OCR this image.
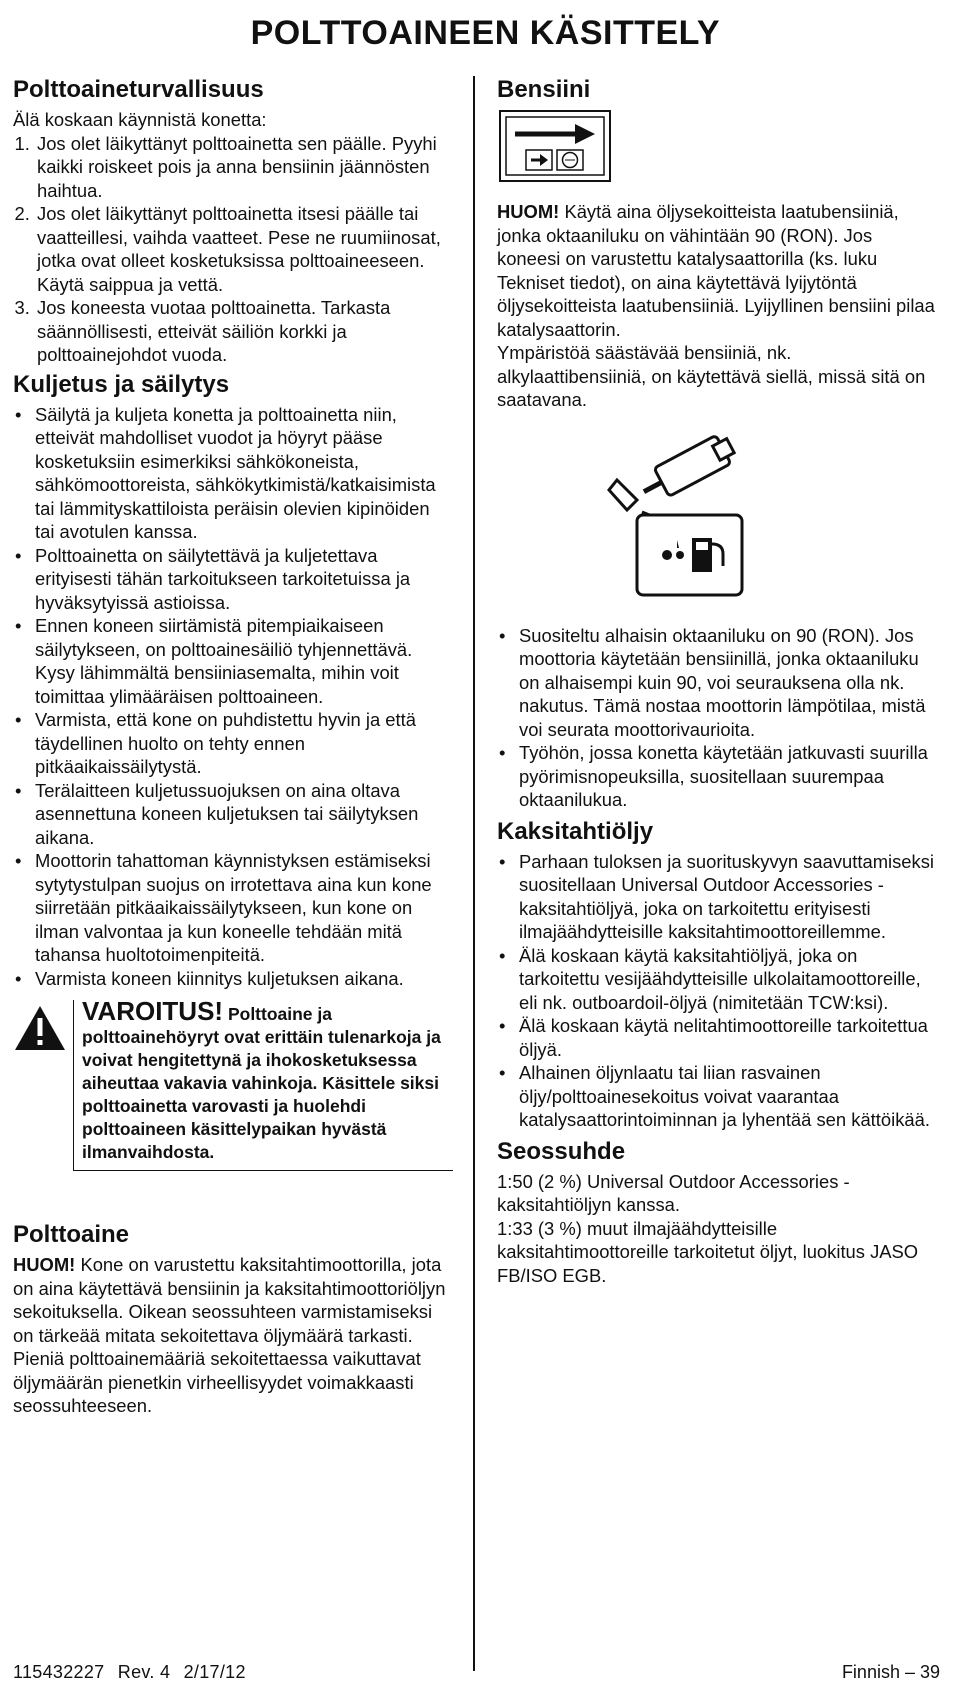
POLTTOAINEEN KÄSITTELY
Polttoaineturvallisuus

Älä koskaan käynnistä konetta:

1. Jos olet läikyttänyt polttoainetta sen päälle. Pyyhi kaikki roiskeet pois ja anna bensiinin jäännösten haihtua.
2. Jos olet läikyttänyt polttoainetta itsesi päälle tai vaatteillesi, vaihda vaatteet. Pese ne ruumiinosat, jotka ovat olleet kosketuksissa polttoaineeseen. Käytä saippua ja vettä.
3. Jos koneesta vuotaa polttoainetta. Tarkasta säännöllisesti, etteivät säiliön korkki ja polttoainejohdot vuoda.
Kuljetus ja säilytys
• Säilytä ja kuljeta konetta ja polttoainetta niin, etteivät mahdolliset vuodot ja höyryt pääse kosketuksiin esimerkiksi sähkökoneista, sähkömoottoreista, sähkökytkimistä/katkaisimista tai lämmityskattiloista peräisin olevien kipinöiden tai avotulen kanssa.
• Polttoainetta on säilytettävä ja kuljetettava erityisesti tähän tarkoitukseen tarkoitetuissa ja hyväksytyissä astioissa.
• Ennen koneen siirtämistä pitempiaikaiseen säilytykseen, on polttoainesäiliö tyhjennettävä. Kysy lähimmältä bensiiniasemalta, mihin voit toimittaa ylimääräisen polttoaineen.
• Varmista, että kone on puhdistettu hyvin ja että täydellinen huolto on tehty ennen pitkäaikaissäilytystä.
• Terälaitteen kuljetussuojuksen on aina oltava asennettuna koneen kuljetuksen tai säilytyksen aikana.
• Moottorin tahattoman käynnistyksen estämiseksi sytytystulpan suojus on irrotettava aina kun kone siirretään pitkäaikaissäilytykseen, kun kone on ilman valvontaa ja kun koneelle tehdään mitä tahansa huoltotoimenpiteitä.
• Varmista koneen kiinnitys kuljetuksen aikana.
VAROITUS! Polttoaine ja polttoainehöyryt ovat erittäin tulenarkoja ja voivat hengitettynä ja ihokosketuksessa aiheuttaa vakavia vahinkoja. Käsittele siksi polttoainetta varovasti ja huolehdi polttoaineen käsittelypaikan hyvästä ilmanvaihdosta.
Polttoaine

HUOM! Kone on varustettu kaksitahtimoottorilla, jota on aina käytettävä bensiinin ja kaksitahtimoottoriöljyn sekoituksella. Oikean seossuhteen varmistamiseksi on tärkeää mitata sekoitettava öljymäärä tarkasti. Pieniä polttoainemääriä sekoitettaessa vaikuttavat öljymäärän pienetkin virheellisyydet voimakkaasti seossuhteeseen.

Bensiini

HUOM! Käytä aina öljysekoitteista laatubensiiniä, jonka oktaaniluku on vähintään 90 (RON). Jos koneesi on varustettu katalysaattorilla (ks. luku Tekniset tiedot), on aina käytettävä lyijytöntä öljysekoitteista laatubensiiniä. Lyijyllinen bensiini pilaa katalysaattorin.

Ympäristöä säästävää bensiiniä, nk. alkylaattibensiiniä, on käytettävä siellä, missä sitä on saatavana.

• Suositeltu alhaisin oktaaniluku on 90 (RON). Jos moottoria käytetään bensiinillä, jonka oktaaniluku on alhaisempi kuin 90, voi seurauksena olla nk. nakutus. Tämä nostaa moottorin lämpötilaa, mistä voi seurata moottorivaurioita.
• Työhön, jossa konetta käytetään jatkuvasti suurilla pyörimisnopeuksilla, suositellaan suurempaa oktaanilukua.
Kaksitahtiöljy
• Parhaan tuloksen ja suorituskyvyn saavuttamiseksi suositellaan Universal Outdoor Accessories - kaksitahtiöljyä, joka on tarkoitettu erityisesti ilmajäähdytteisille kaksitahtimoottoreillemme.
• Älä koskaan käytä kaksitahtiöljyä, joka on tarkoitettu vesijäähdytteisille ulkolaitamoottoreille, eli nk. outboardoil-öljyä (nimitetään TCW:ksi).
• Älä koskaan käytä nelitahtimoottoreille tarkoitettua öljyä.
• Alhainen öljynlaatu tai liian rasvainen öljy/polttoainesekoitus voivat vaarantaa katalysaattorintoiminnan ja lyhentää sen kättöikää.
Seossuhde

1:50 (2 %) Universal Outdoor Accessories -kaksitahtiöljyn kanssa.

1:33 (3 %) muut ilmajäähdytteisille kaksitahtimoottoreille tarkoitetut öljyt, luokitus JASO FB/ISO EGB.

115432227 Rev. 4 2/17/12	Finnish – 39
